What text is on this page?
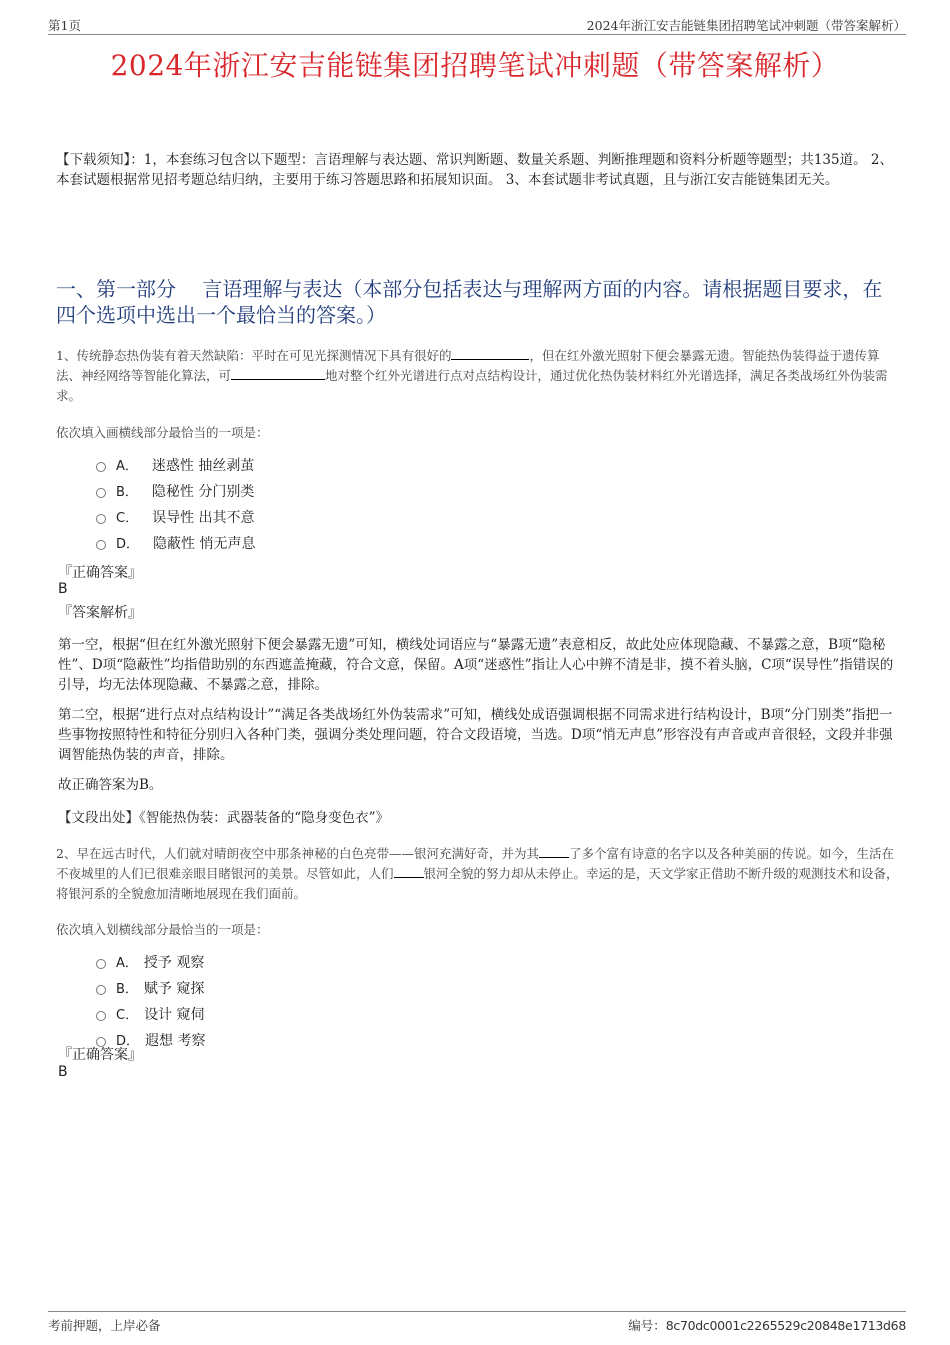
第1页	2024年浙江安吉能链集团招聘笔试冲刺题（带答案解析）
2024年浙江安吉能链集团招聘笔试冲刺题（带答案解析）
【下载须知】：1，本套练习包含以下题型：言语理解与表达题、常识判断题、数量关系题、判断推理题和资料分析题等题型；共135道。 2、本套试题根据常见招考题总结归纳，主要用于练习答题思路和拓展知识面。 3、本套试题非考试真题，且与浙江安吉能链集团无关。
一、第一部分　 言语理解与表达（本部分包括表达与理解两方面的内容。请根据题目要求，在四个选项中选出一个最恰当的答案。）
1、传统静态热伪装有着天然缺陷：平时在可见光探测情况下具有很好的	，但在红外激光照射下便会暴露无遗。智能热伪装得益于遗传算法、神经网络等智能化算法，可	地对整个红外光谱进行点对点结构设计，通过优化热伪装材料红外光谱选择，满足各类战场红外伪装需求。
依次填入画横线部分最恰当的一项是：
A． 迷惑性 抽丝剥茧
B． 隐秘性 分门别类
C． 误导性 出其不意
D． 隐蔽性 悄无声息
『正确答案』
B
『答案解析』
第一空，根据“但在红外激光照射下便会暴露无遗”可知，横线处词语应与“暴露无遗”表意相反，故此处应体现隐藏、不暴露之意，B项“隐秘性”、D项“隐蔽性”均指借助别的东西遮盖掩藏，符合文意，保留。A项“迷惑性”指让人心中辨不清是非，摸不着头脑，C项“误导性”指错误的引导，均无法体现隐藏、不暴露之意，排除。
第二空，根据“进行点对点结构设计”“满足各类战场红外伪装需求”可知，横线处成语强调根据不同需求进行结构设计，B项“分门别类”指把一些事物按照特性和特征分别归入各种门类，强调分类处理问题，符合文段语境，当选。D项“悄无声息”形容没有声音或声音很轻，文段并非强调智能热伪装的声音，排除。
故正确答案为B。
【文段出处】《智能热伪装：武器装备的“隐身变色衣”》
2、早在远古时代，人们就对晴朗夜空中那条神秘的白色亮带——银河充满好奇，并为其 了多个富有诗意的名字以及各种美丽的传说。如今，生活在不夜城里的人们已很难亲眼目睹银河的美景。尽管如此，人们 银河全貌的努力却从未停止。幸运的是，天文学家正借助不断升级的观测技术和设备，将银河系的全貌愈加清晰地展现在我们面前。
依次填入划横线部分最恰当的一项是：
A． 授予 观察
B． 赋予 窥探
C． 设计 窥伺
D． 遐想 考察
『正确答案』
B
考前押题，上岸必备	编号：8c70dc0001c2265529c20848e1713d68
